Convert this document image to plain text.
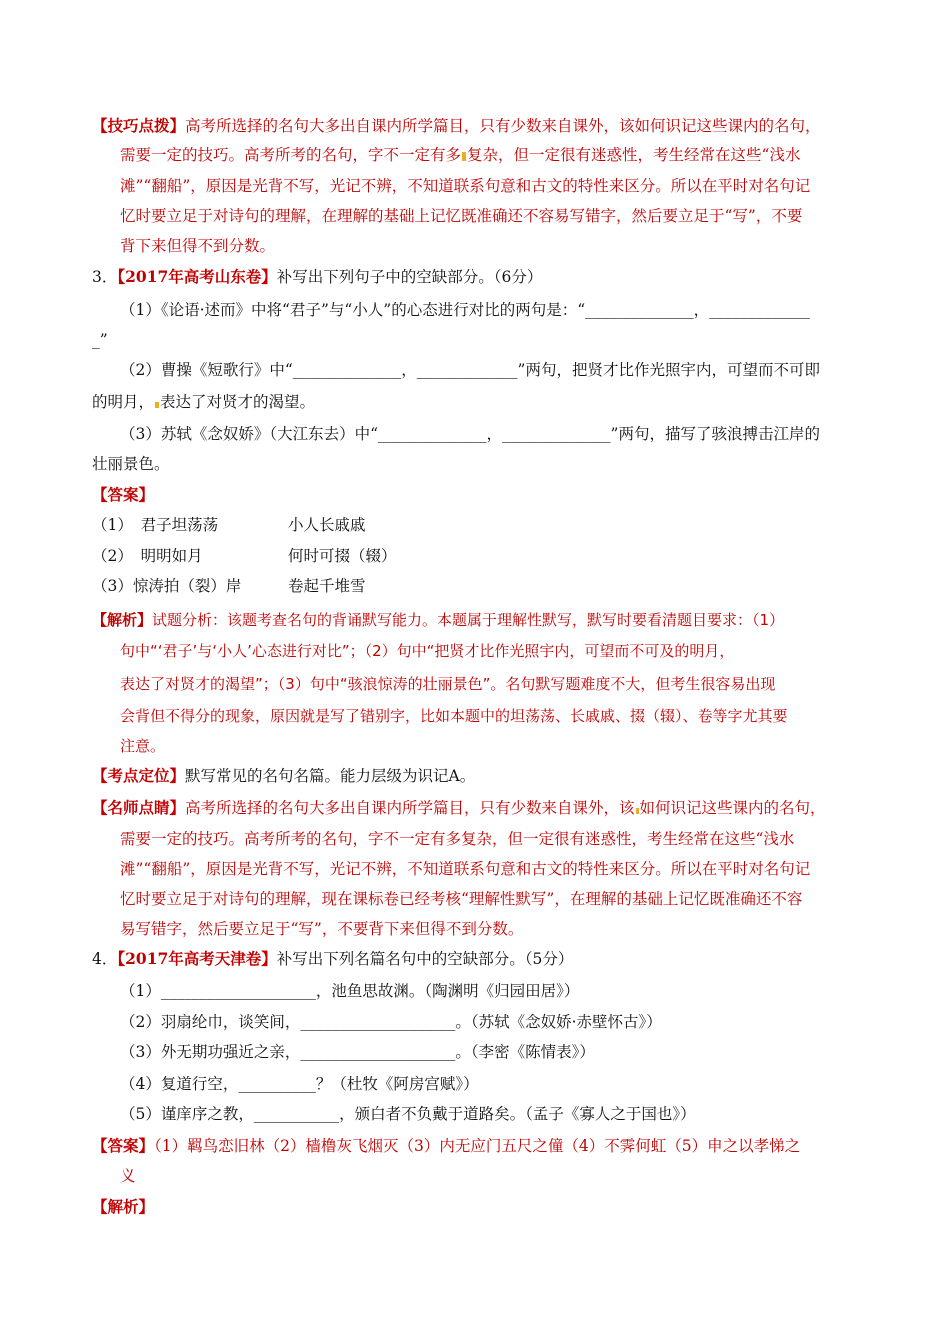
【技巧点拨】高考所选择的名句大多出自课内所学篇目，只有少数来自课外，该如何识记这些课内的名句，
需要一定的技巧。高考所考的名句，字不一定有多 复杂，但一定很有迷惑性，考生经常在这些“浅水
滩”“翻船”，原因是光背不写，光记不辨，不知道联系句意和古文的特性来区分。所以在平时对名句记
忆时要立足于对诗句的理解，在理解的基础上记忆既准确还不容易写错字，然后要立足于“写”，不要
背下来但得不到分数。
3．【2017年高考山东卷】补写出下列句子中的空缺部分。（6分）
（1）《论语·述而》中将“君子”与“小人”的心态进行对比的两句是：“______________，_____________
_”
（2）曹操《短歌行》中“______________，_____________”两句，把贤才比作光照宇内，可望而不可即
的明月， 表达了对贤才的渴望。
（3）苏轼《念奴娇》（大江东去）中“______________，______________”两句，描写了骇浪搏击江岸的
壮丽景色。
【答案】
（1）　君子坦荡荡	小人长戚戚
（2）　明明如月	何时可掇（辍）
（3）惊涛拍（裂）岸	卷起千堆雪
【解析】试题分析：该题考查名句的背诵默写能力。本题属于理解性默写，默写时要看清题目要求：（1）
句中“‘君子’与‘小人’心态进行对比”；（2）句中“把贤才比作光照宇内，可望而不可及的明月，
表达了对贤才的渴望”；（3）句中“骇浪惊涛的壮丽景色”。名句默写题难度不大，但考生很容易出现
会背但不得分的现象，原因就是写了错别字，比如本题中的坦荡荡、长戚戚、掇（辍）、卷等字尤其要
注意。
【考点定位】默写常见的名句名篇。能力层级为识记A。
【名师点睛】高考所选择的名句大多出自课内所学篇目，只有少数来自课外，该 如何识记这些课内的名句，
需要一定的技巧。高考所考的名句，字不一定有多复杂，但一定很有迷惑性，考生经常在这些“浅水
滩”“翻船”，原因是光背不写，光记不辨，不知道联系句意和古文的特性来区分。所以在平时对名句记
忆时要立足于对诗句的理解，现在课标卷已经考核“理解性默写”，在理解的基础上记忆既准确还不容
易写错字，然后要立足于“写”，不要背下来但得不到分数。
4．【2017年高考天津卷】补写出下列名篇名句中的空缺部分。（5分）
（1）____________________，池鱼思故渊。（陶渊明《归园田居》）
（2）羽扇纶巾，谈笑间，____________________。（苏轼《念奴娇·赤壁怀古》）
（3）外无期功强近之亲，____________________。（李密《陈情表》）
（4）复道行空，__________？（杜牧《阿房宫赋》）
（5）谨庠序之教，___________，颁白者不负戴于道路矣。（孟子《寡人之于国也》）
【答案】（1）羁鸟恋旧林（2）樯橹灰飞烟灭（3）内无应门五尺之僮（4）不霁何虹（5）申之以孝悌之
义
【解析】
